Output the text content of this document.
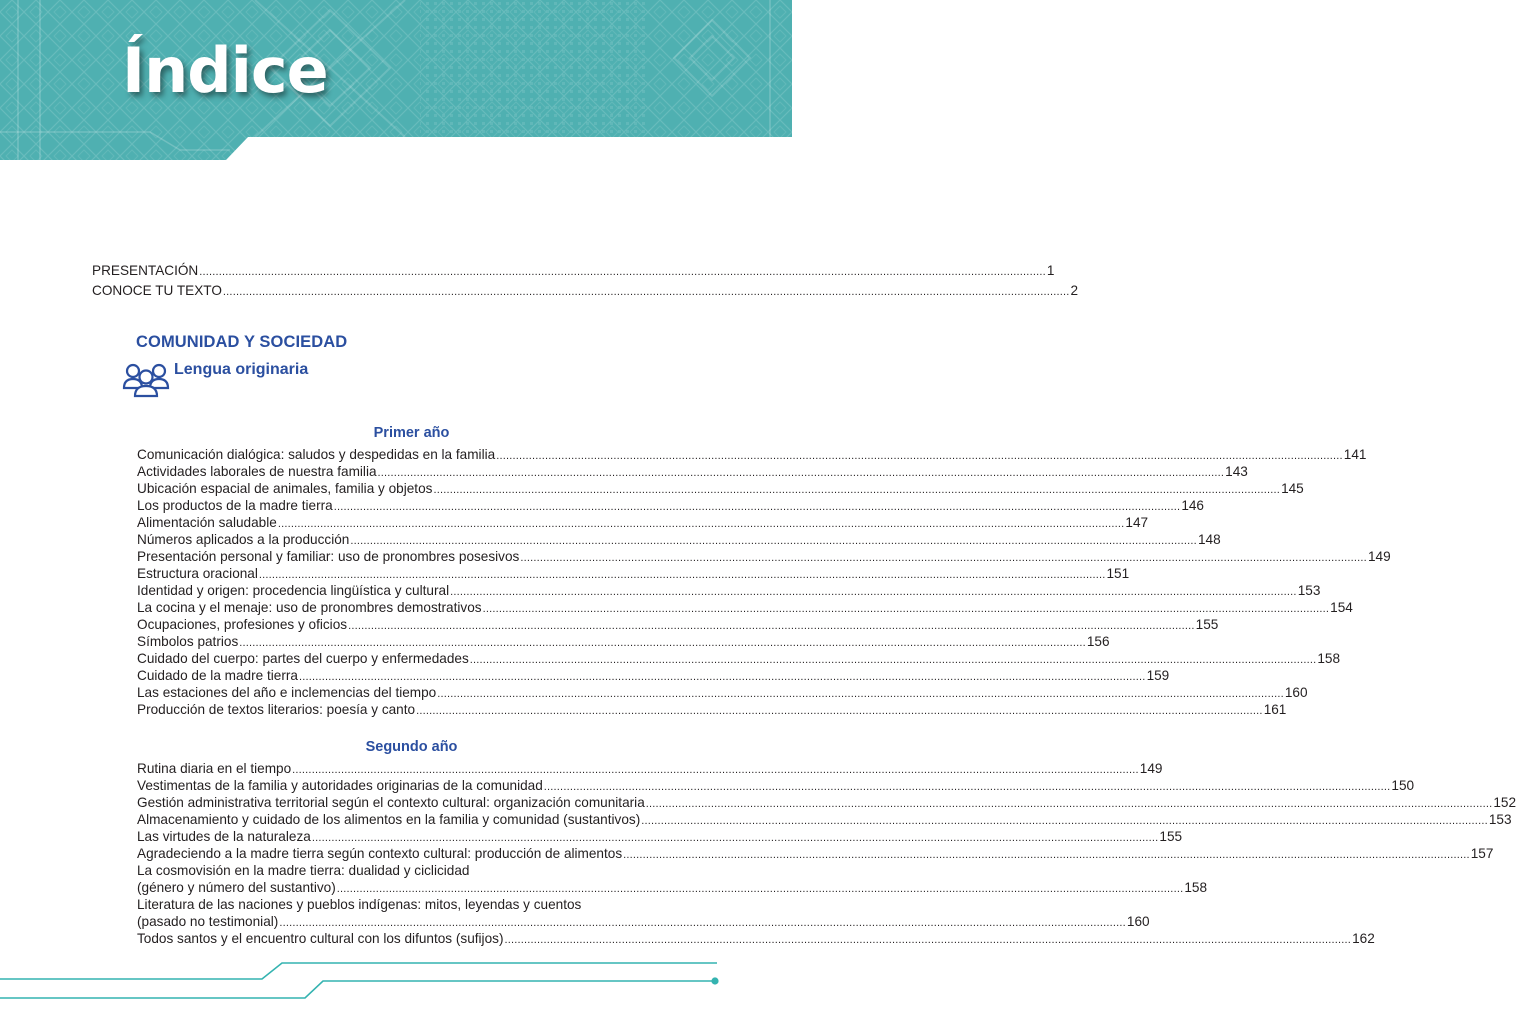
Índice
PRESENTACIÓN .................................................................................................................................................................................................................................................................... 1
CONOCE TU TEXTO .................................................................................................................................................................................................................................................................... 2
COMUNIDAD Y SOCIEDAD
Lengua originaria
Primer año
Comunicación dialógica: saludos y despedidas en la familia .................................................................................................................................................................................................................................................................... 141
Actividades laborales de nuestra familia .................................................................................................................................................................................................................................................................... 143
Ubicación espacial de animales, familia y objetos .................................................................................................................................................................................................................................................................... 145
Los productos de la madre tierra .................................................................................................................................................................................................................................................................... 146
Alimentación saludable .................................................................................................................................................................................................................................................................... 147
Números aplicados a la producción .................................................................................................................................................................................................................................................................... 148
Presentación personal y familiar: uso de pronombres posesivos .................................................................................................................................................................................................................................................................... 149
Estructura oracional .................................................................................................................................................................................................................................................................... 151
Identidad y origen: procedencia lingüística y cultural .................................................................................................................................................................................................................................................................... 153
La cocina y el menaje: uso de pronombres demostrativos .................................................................................................................................................................................................................................................................... 154
Ocupaciones, profesiones y oficios .................................................................................................................................................................................................................................................................... 155
Símbolos patrios .................................................................................................................................................................................................................................................................... 156
Cuidado del cuerpo: partes del cuerpo y enfermedades .................................................................................................................................................................................................................................................................... 158
Cuidado de la madre tierra .................................................................................................................................................................................................................................................................... 159
Las estaciones del año e inclemencias del tiempo .................................................................................................................................................................................................................................................................... 160
Producción de textos literarios: poesía y canto .................................................................................................................................................................................................................................................................... 161
Segundo año
Rutina diaria en el tiempo .................................................................................................................................................................................................................................................................... 149
Vestimentas de la familia y autoridades originarias de la comunidad .................................................................................................................................................................................................................................................................... 150
Gestión administrativa territorial según el contexto cultural: organización comunitaria .................................................................................................................................................................................................................................................................... 152
Almacenamiento y cuidado de los alimentos en la familia y comunidad (sustantivos) .................................................................................................................................................................................................................................................................... 153
Las virtudes de la naturaleza .................................................................................................................................................................................................................................................................... 155
Agradeciendo a la madre tierra según contexto cultural: producción de alimentos .................................................................................................................................................................................................................................................................... 157
La cosmovisión en la madre tierra: dualidad y ciclicidad
(género y número del sustantivo) .................................................................................................................................................................................................................................................................... 158
Literatura de las naciones y pueblos indígenas: mitos, leyendas y cuentos
(pasado no testimonial) .................................................................................................................................................................................................................................................................... 160
Todos santos y el encuentro cultural con los difuntos (sufijos) .................................................................................................................................................................................................................................................................... 162
